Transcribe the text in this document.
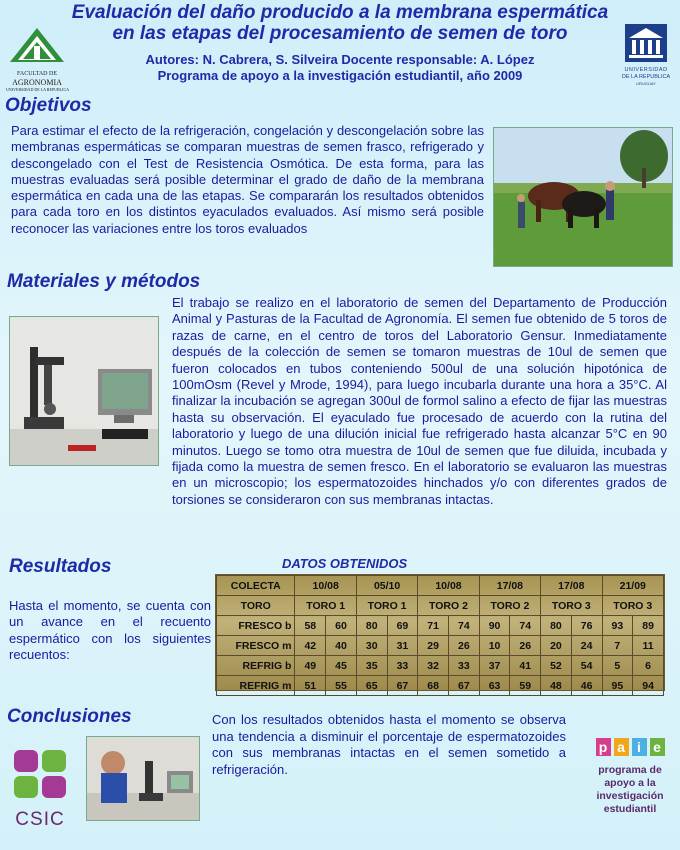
FACULTAD DE
AGRONOMIA
UNIVERSIDAD DE LA REPUBLICA
UNIVERSIDAD
DE LA REPUBLICA
URUGUAY
Evaluación del daño producido a la membrana espermática
en las etapas del procesamiento de semen de toro
Autores: N. Cabrera, S. Silveira Docente responsable: A. López
Programa de apoyo a la investigación estudiantil, año 2009
Objetivos
Para estimar el efecto de la refrigeración, congelación y descongelación sobre las membranas espermáticas se comparan muestras de semen frasco, refrigerado y descongelado con el Test de Resistencia Osmótica. De esta forma, para las muestras evaluadas será posible determinar el grado de daño de la membrana espermática en cada una de las etapas. Se compararán los resultados obtenidos para cada toro en los distintos eyaculados evaluados. Así mismo será posible reconocer las variaciones entre los toros evaluados
Materiales y métodos
El trabajo se realizo en el laboratorio de semen del Departamento de Producción Animal y Pasturas de la Facultad de Agronomía. El semen fue obtenido de 5 toros de razas de carne, en el centro de toros del Laboratorio Gensur. Inmediatamente después de la colección de semen se tomaron muestras de 10ul de semen que fueron colocados en tubos conteniendo 500ul de una solución hipotónica de 100mOsm (Revel y Mrode, 1994), para luego incubarla durante una hora a 35°C. Al finalizar la incubación se agregan 300ul de formol salino a efecto de fijar las muestras hasta su observación. El eyaculado fue procesado de acuerdo con la rutina del laboratorio y luego de una dilución inicial fue refrigerado hasta alcanzar 5°C en 90 minutos. Luego se tomo otra muestra de 10ul de semen que fue diluida, incubada y fijada como la muestra de semen fresco. En el laboratorio se evaluaron las muestras en un microscopio; los espermatozoides hinchados y/o con diferentes grados de torsiones se consideraron con sus membranas intactas.
Resultados
Hasta el momento, se cuenta con un avance en el recuento espermático con los siguientes recuentos:
DATOS OBTENIDOS
COLECTA	10/08		05/10		10/08		17/08		17/08		21/09	
TORO	TORO 1		TORO 1		TORO 2		TORO 2		TORO 3		TORO 3	
FRESCO b	58	60	80	69	71	74	90	74	80	76	93	89
FRESCO m	42	40	30	31	29	26	10	26	20	24	7	11
REFRIG b	49	45	35	33	32	33	37	41	52	54	5	6
REFRIG m	51	55	65	67	68	67	63	59	48	46	95	94
Conclusiones	Con los resultados obtenidos hasta el momento se observa una tendencia a disminuir el porcentaje de espermatozoides con sus membranas intactas en el semen sometido a refrigeración.
CSIC
p a i e
programa de
apoyo a la
investigación
estudiantil
